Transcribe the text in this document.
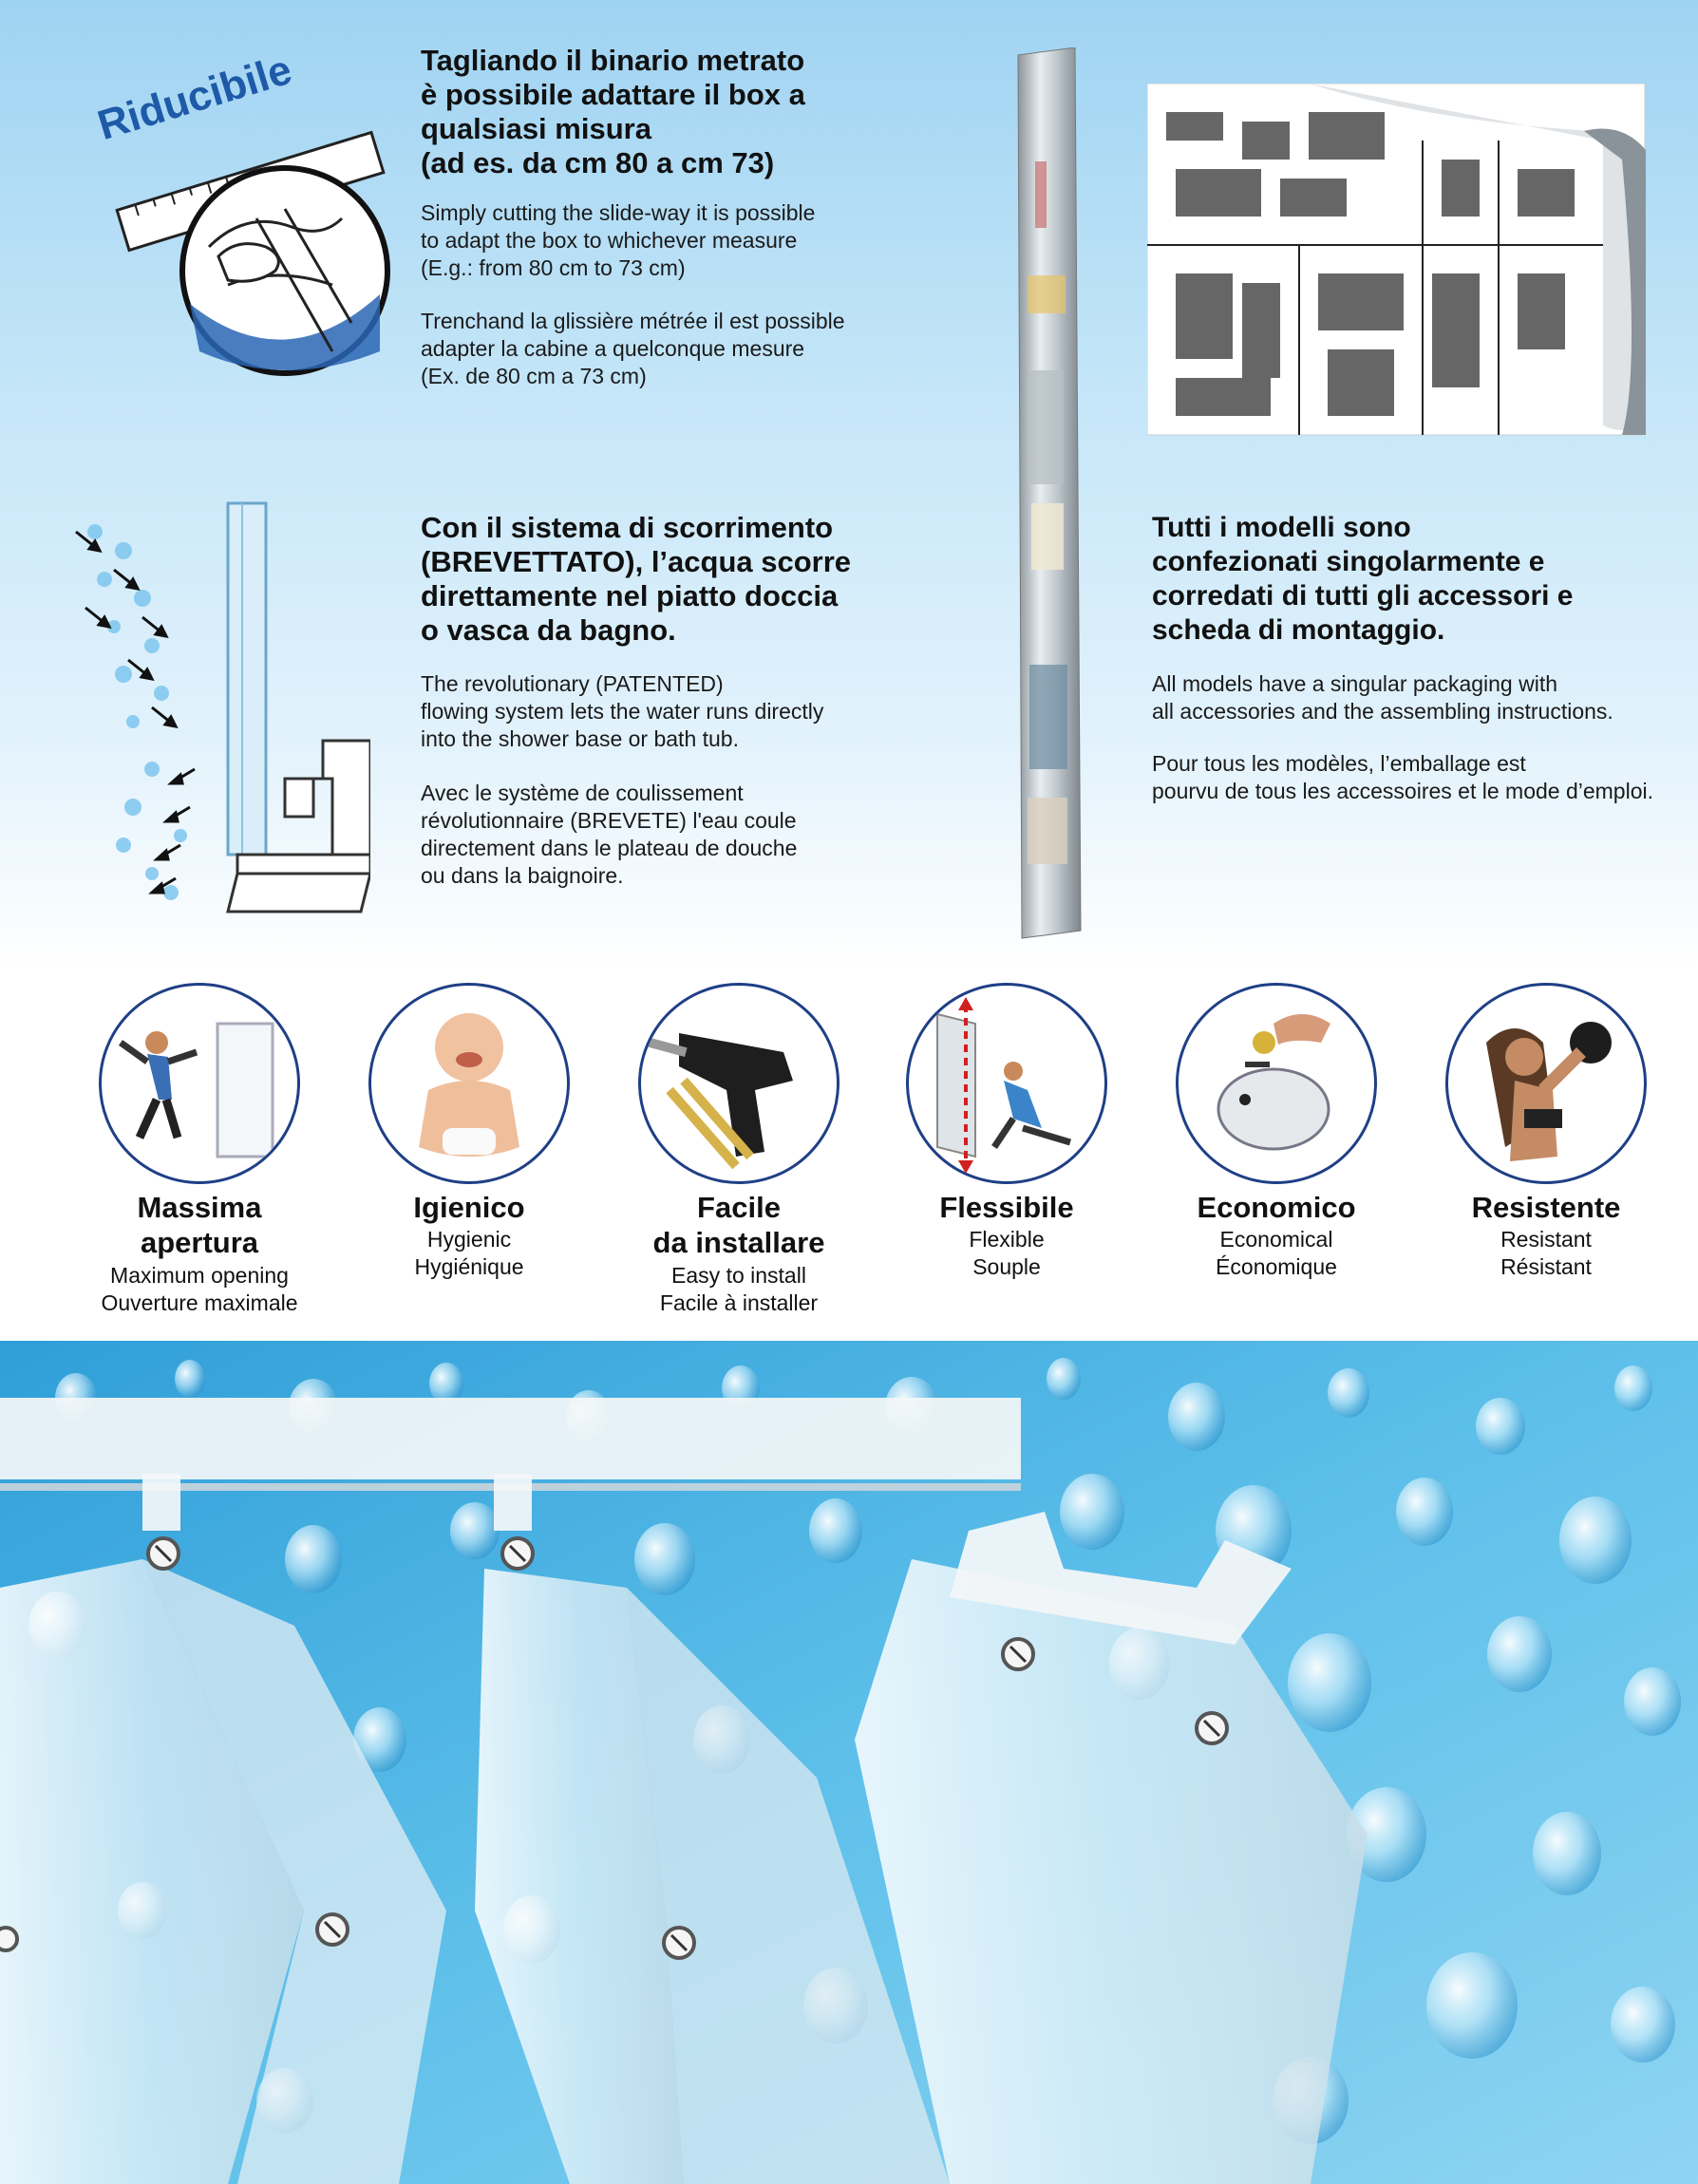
Riducibile	Tagliando il binario metrato
è possibile adattare il box a
qualsiasi misura
(ad es. da cm 80 a cm 73)
Simply cutting the slide-way it is possible
to adapt the box to whichever measure
(E.g.: from 80 cm to 73 cm)
Trenchand la glissière métrée il est possible
adapter la cabine a quelconque mesure
(Ex. de 80 cm a 73 cm)
Con il sistema di scorrimento
(BREVETTATO), l’acqua scorre
direttamente nel piatto doccia
o vasca da bagno.
The revolutionary (PATENTED)
flowing system lets the water runs directly
into the shower base or bath tub.
Avec le système de coulissement
révolutionnaire (BREVETE) l'eau coule
directement dans le plateau de douche
ou dans la baignoire.
Tutti i modelli sono
confezionati singolarmente e
corredati di tutti gli accessori e
scheda di montaggio.
All models have a singular packaging with
all accessories and the assembling instructions.
Pour tous les modèles, l’emballage est
pourvu de tous les accessoires et le mode d’emploi.
Massima
apertura
Maximum opening
Ouverture maximale
Igienico
Hygienic
Hygiénique
Facile
da installare
Easy to install
Facile à installer
Flessibile
Flexible
Souple
Economico
Economical
Économique
Resistente
Resistant
Résistant
